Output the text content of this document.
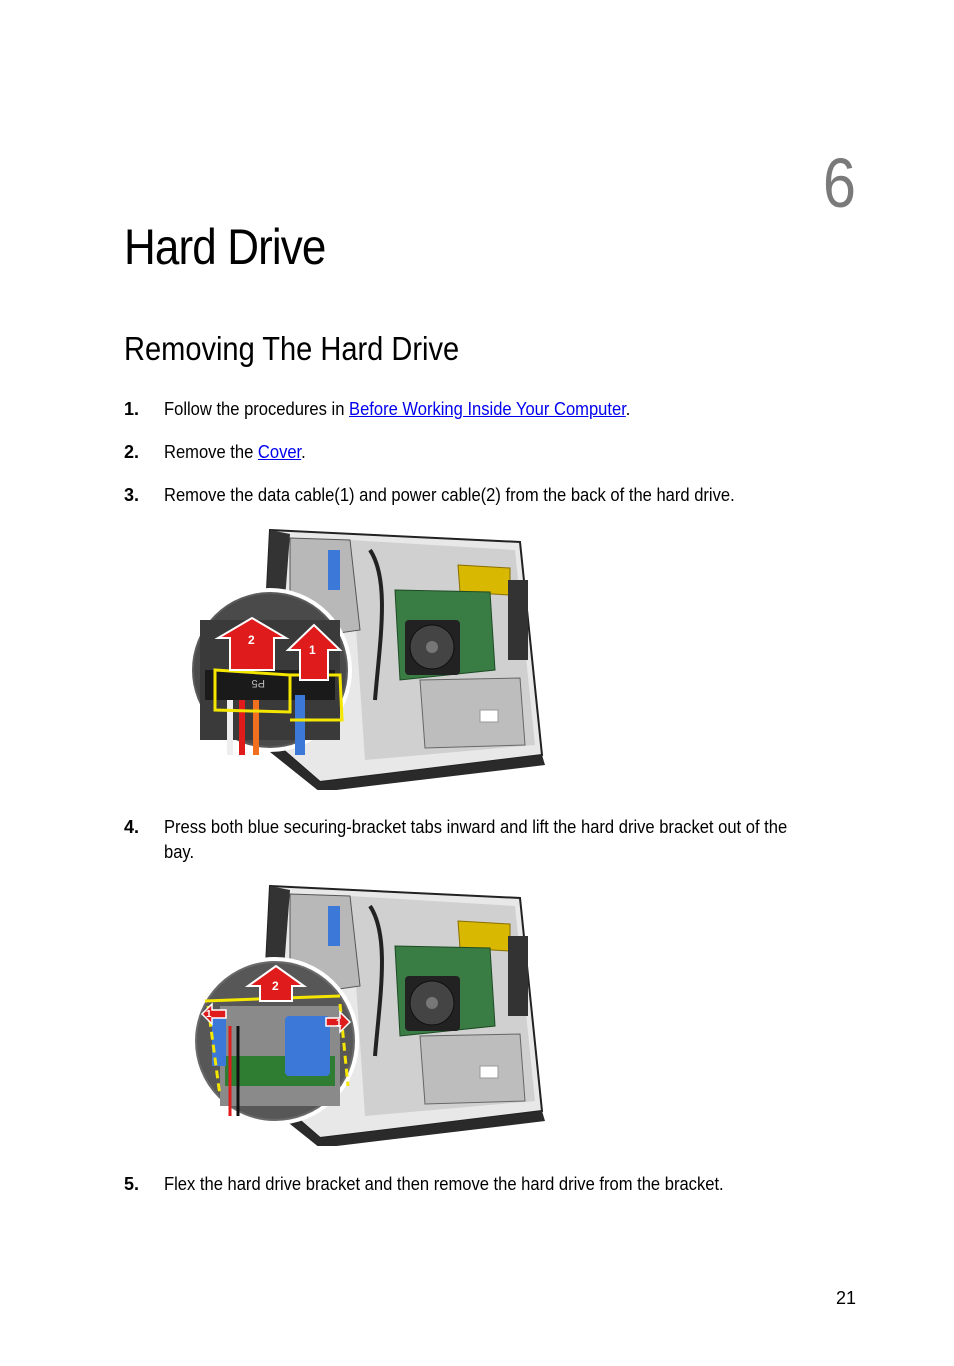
6
Hard Drive
Removing The Hard Drive
1. Follow the procedures in Before Working Inside Your Computer.
2. Remove the Cover.
3. Remove the data cable(1) and power cable(2) from the back of the hard drive.
P5
2
1
4. Press both blue securing-bracket tabs inward and lift the hard drive bracket out of the bay.
2
1
1
5. Flex the hard drive bracket and then remove the hard drive from the bracket.
21
